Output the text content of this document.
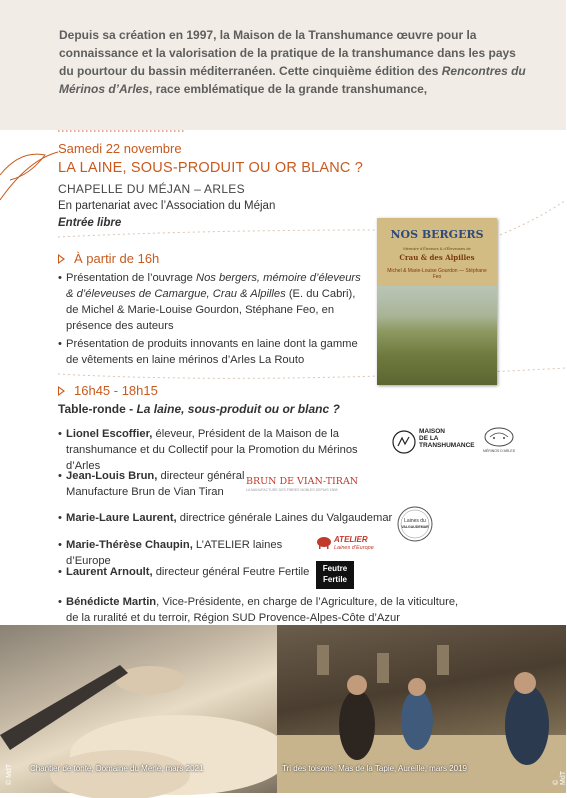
Depuis sa création en 1997, la Maison de la Transhumance œuvre pour la connaissance et la valorisation de la pratique de la transhumance dans les pays du pourtour du bassin méditerranéen. Cette cinquième édition des Rencontres du Mérinos d’Arles, race emblématique de la grande transhumance,
Samedi 22 novembre
LA LAINE, SOUS-PRODUIT OU OR BLANC ?
CHAPELLE DU MÉJAN – ARLES
En partenariat avec l’Association du Méjan
Entrée libre
À partir de 16h
• Présentation de l’ouvrage Nos bergers, mémoire d’éleveurs & d’éleveuses de Camargue, Crau & Alpilles (E. du Cabri), de Michel & Marie-Louise Gourdon, Stéphane Feo, en présence des auteurs
• Présentation de produits innovants en laine dont la gamme de vêtements en laine mérinos d’Arles La Routo
NOS BERGERS
Mémoire d’Éleveurs & d’Éleveuses de
Crau & des Alpilles
Michel & Marie-Louise Gourdon — Stéphane Feo
16h45 - 18h15
Table-ronde - La laine, sous-produit ou or blanc ?
• Lionel Escoffier, éleveur, Président de la Maison de la transhumance et du Collectif pour la Promotion du Mérinos d’Arles
• Jean-Louis Brun, directeur général Manufacture Brun de Vian Tiran
• Marie-Laure Laurent, directrice générale Laines du Valgaudemar
• Marie-Thérèse Chaupin, L’ATELIER laines d’Europe
• Laurent Arnoult, directeur général Feutre Fertile
• Bénédicte Martin, Vice-Présidente, en charge de l’Agriculture, de la viticulture, de la ruralité et du terroir, Région SUD Provence-Alpes-Côte d’Azur
MAISON
DE LA
TRANSHUMANCE
MÉRINOS D’ARLES
BRUN DE VIAN-TIRAN
LA MANUFACTURE DES FIBRES NOBLES DEPUIS 1808
Laines du
VALGAUDEMAR
ATELIER
Laines d’Europe
Feutre
Fertile
Chantier de tonte, Domaine du Merle, mars 2021
© MdT	Tri des toisons, Mas de la Tapie, Aureille, mars 2019
© MdT
